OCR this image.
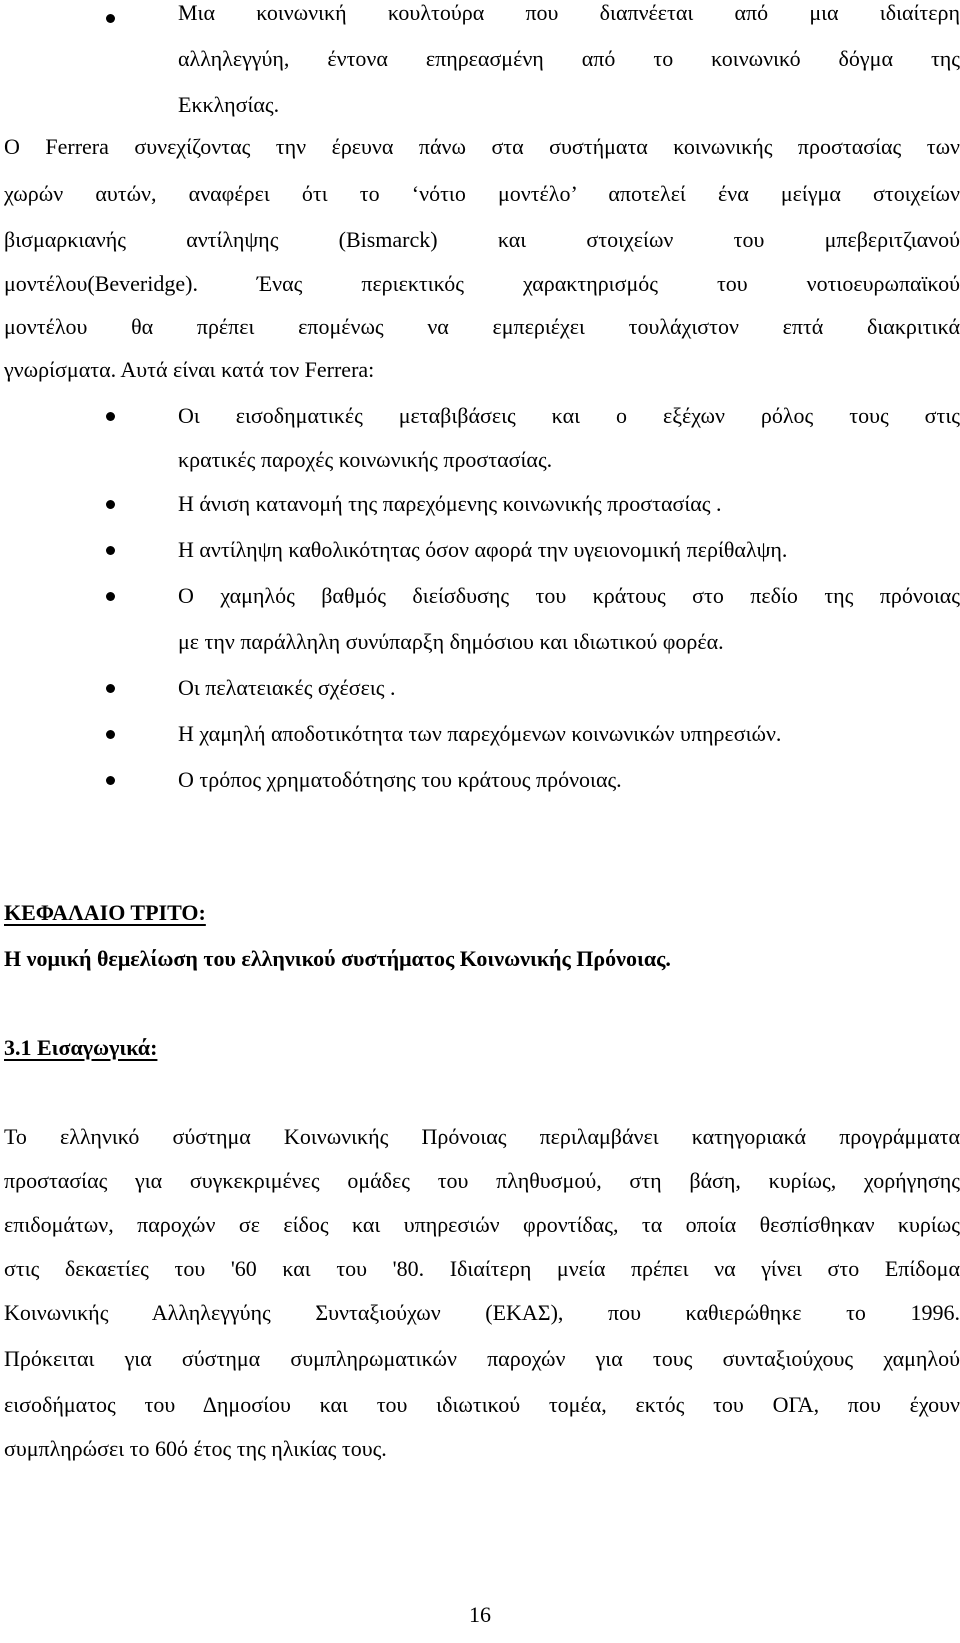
Μια κοινωνική κουλτούρα που διαπνέεται από μια ιδιαίτερη

αλληλεγγύη, έντονα επηρεασμένη από το κοινωνικό δόγμα της

Εκκλησίας.

Ο Ferrera συνεχίζοντας την έρευνα πάνω στα συστήματα κοινωνικής προστασίας των

χωρών αυτών, αναφέρει ότι το ‘νότιο μοντέλο’ αποτελεί ένα μείγμα στοιχείων

βισμαρκιανής αντίληψης (Bismarck) και στοιχείων του μπεβεριτζιανού

μοντέλου(Beveridge). Ένας περιεκτικός χαρακτηρισμός του νοτιοευρωπαϊκού

μοντέλου θα πρέπει επομένως να εμπεριέχει τουλάχιστον επτά διακριτικά

γνωρίσματα. Αυτά είναι κατά τον Ferrera:

Οι εισοδηματικές μεταβιβάσεις και ο εξέχων ρόλος τους στις

κρατικές παροχές κοινωνικής προστασίας.

Η άνιση κατανομή της παρεχόμενης κοινωνικής προστασίας .

Η αντίληψη καθολικότητας όσον αφορά την υγειονομική περίθαλψη.

Ο χαμηλός βαθμός διείσδυσης του κράτους στο πεδίο της πρόνοιας

με την παράλληλη συνύπαρξη δημόσιου και ιδιωτικού φορέα.

Οι πελατειακές σχέσεις .

Η χαμηλή αποδοτικότητα των παρεχόμενων κοινωνικών υπηρεσιών.

Ο τρόπος χρηματοδότησης του κράτους πρόνοιας.

ΚΕΦΑΛΑΙΟ ΤΡΙΤΟ:

Η νομική θεμελίωση του ελληνικού συστήματος Κοινωνικής Πρόνοιας.

3.1 Εισαγωγικά:

Το ελληνικό σύστημα Κοινωνικής Πρόνοιας περιλαμβάνει κατηγοριακά προγράμματα

προστασίας για συγκεκριμένες ομάδες του πληθυσμού, στη βάση, κυρίως, χορήγησης

επιδομάτων, παροχών σε είδος και υπηρεσιών φροντίδας, τα οποία θεσπίσθηκαν κυρίως

στις δεκαετίες του '60 και του '80. Ιδιαίτερη μνεία πρέπει να γίνει στο Επίδομα

Κοινωνικής Αλληλεγγύης Συνταξιούχων (ΕΚΑΣ), που καθιερώθηκε το 1996.

Πρόκειται για σύστημα συμπληρωματικών παροχών για τους συνταξιούχους χαμηλού

εισοδήματος του Δημοσίου και του ιδιωτικού τομέα, εκτός του ΟΓΑ, που έχουν

συμπληρώσει το 60ό έτος της ηλικίας τους.

16
